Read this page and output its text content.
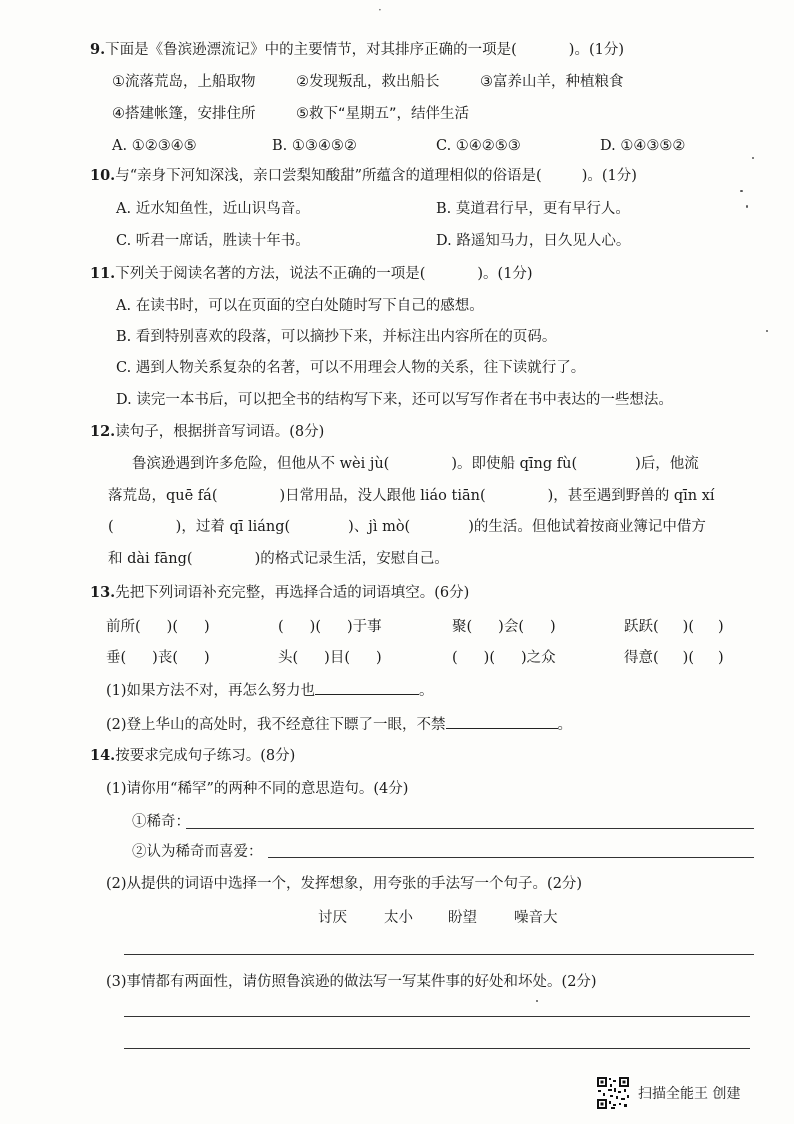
·
9.下面是《鲁滨逊漂流记》中的主要情节，对其排序正确的一项是(	)。(1分)
①流落荒岛，上船取物	②发现叛乱，救出船长	③富养山羊，种植粮食
④搭建帐篷，安排住所	⑤救下“星期五”，结伴生活
A. ①②③④⑤	B. ①③④⑤②	C. ①④②⑤③	D. ①④③⑤②
10.与“亲身下河知深浅，亲口尝梨知酸甜”所蕴含的道理相似的俗语是(	)。(1分)
A. 近水知鱼性，近山识鸟音。	B. 莫道君行早，更有早行人。
C. 听君一席话，胜读十年书。	D. 路遥知马力，日久见人心。
11.下列关于阅读名著的方法，说法不正确的一项是(	)。(1分)
A. 在读书时，可以在页面的空白处随时写下自己的感想。
B. 看到特别喜欢的段落，可以摘抄下来，并标注出内容所在的页码。
C. 遇到人物关系复杂的名著，可以不用理会人物的关系，往下读就行了。
D. 读完一本书后，可以把全书的结构写下来，还可以写写作者在书中表达的一些想法。
12.读句子，根据拼音写词语。(8分)
鲁滨逊遇到许多危险，但他从不 wèi jù(	)。即使船 qīng fù(	)后，他流
落荒岛，quē fá(	)日常用品，没人跟他 liáo tiān(	)，甚至遇到野兽的 qīn xí
(	)，过着 qī liáng(	)、jì mò(	)的生活。但他试着按商业簿记中借方
和 dài fāng(	)的格式记录生活，安慰自己。
13.先把下列词语补充完整，再选择合适的词语填空。(6分)
前所( )( )	( )( )于事	聚( )会( )	跃跃( )( )
垂( )丧( )	头( )目( )	( )( )之众	得意( )( )
(1)如果方法不对，再怎么努力也	。
(2)登上华山的高处时，我不经意往下瞟了一眼，不禁	。
14.按要求完成句子练习。(8分)
(1)请你用“稀罕”的两种不同的意思造句。(4分)
①稀奇：
②认为稀奇而喜爱：
(2)从提供的词语中选择一个，发挥想象，用夸张的手法写一个句子。(2分)
讨厌	太小 盼望	噪音大
(3)事情都有两面性，请仿照鲁滨逊的做法写一写某件事的好处和坏处。(2分)
扫描全能王 创建
